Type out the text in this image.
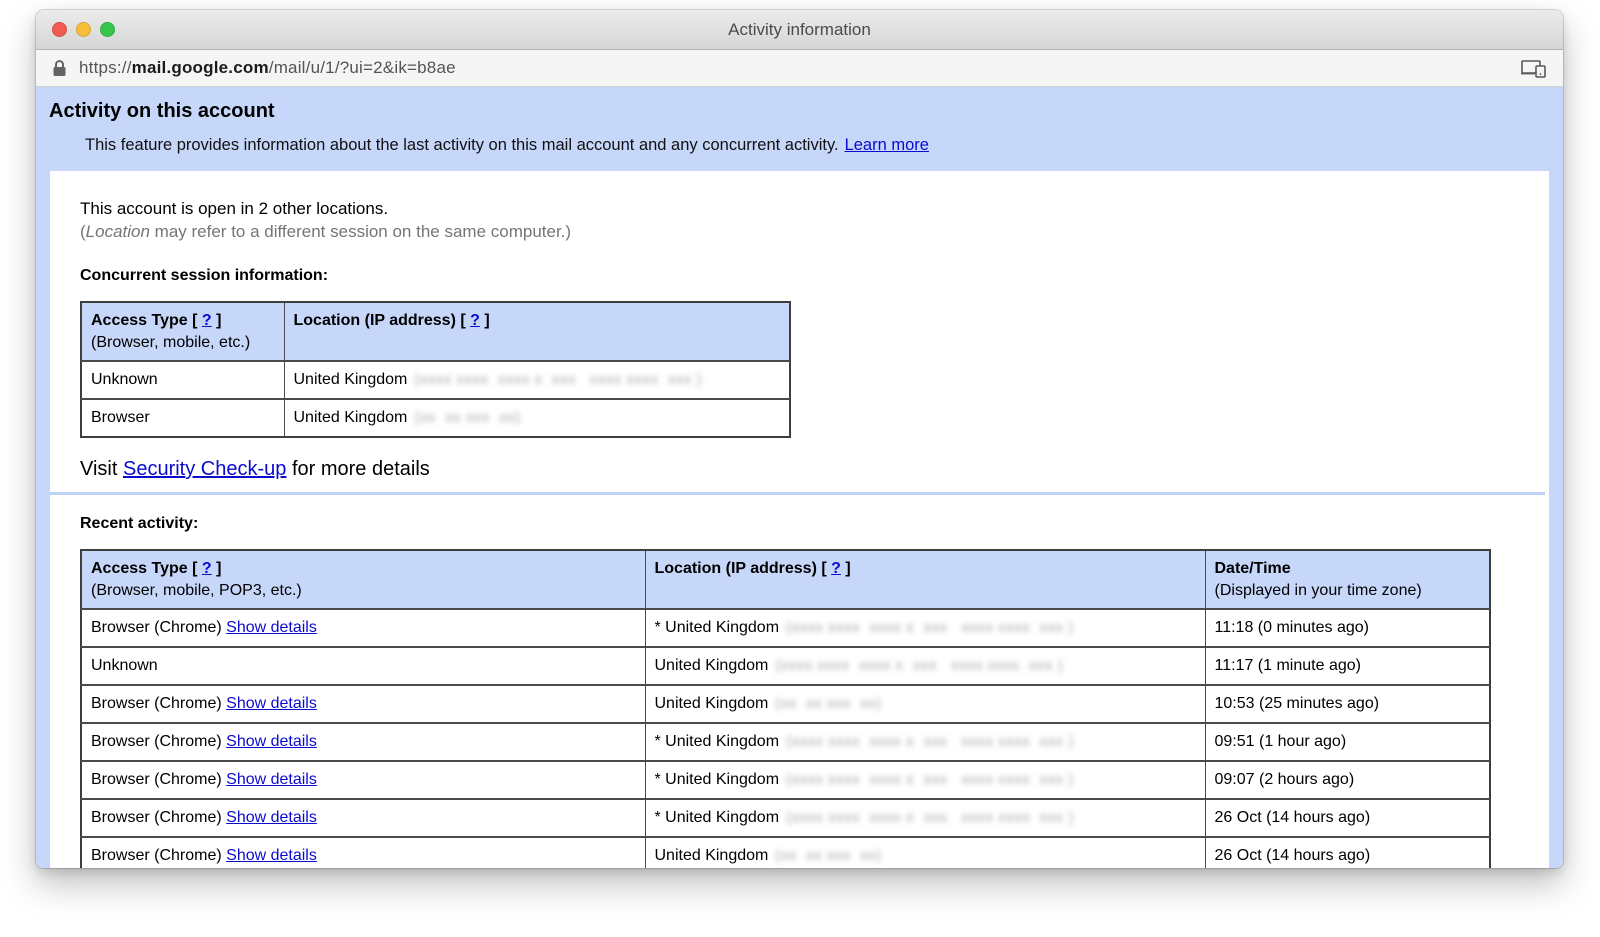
Activity information
https://mail.google.com/mail/u/1/?ui=2&ik=b8ae
Activity on this account

This feature provides information about the last activity on this mail account and any concurrent activity. Learn more

This account is open in 2 other locations.

(Location may refer to a different session on the same computer.)

Concurrent session information:

Access Type [ ? ]
(Browser, mobile, etc.)	Location (IP address) [ ? ]
Unknown	United Kingdom (xxxx xxxx  xxxx x  xxx   xxxx xxxx  xxx )
Browser	United Kingdom (xx  xx xxx  xx)

Visit Security Check-up for more details

Recent activity:

Access Type [ ? ]
(Browser, mobile, POP3, etc.)	Location (IP address) [ ? ]	Date/Time
(Displayed in your time zone)

Browser (Chrome) Show details	* United Kingdom (xxxx xxxx  xxxx x  xxx   xxxx xxxx  xxx )	11:18 (0 minutes ago)
Unknown	United Kingdom (xxxx xxxx  xxxx x  xxx   xxxx xxxx  xxx )	11:17 (1 minute ago)
Browser (Chrome) Show details	United Kingdom (xx  xx xxx  xx)	10:53 (25 minutes ago)
Browser (Chrome) Show details	* United Kingdom (xxxx xxxx  xxxx x  xxx   xxxx xxxx  xxx )	09:51 (1 hour ago)
Browser (Chrome) Show details	* United Kingdom (xxxx xxxx  xxxx x  xxx   xxxx xxxx  xxx )	09:07 (2 hours ago)
Browser (Chrome) Show details	* United Kingdom (xxxx xxxx  xxxx x  xxx   xxxx xxxx  xxx )	26 Oct (14 hours ago)
Browser (Chrome) Show details	United Kingdom (xx  xx xxx  xx)	26 Oct (14 hours ago)
